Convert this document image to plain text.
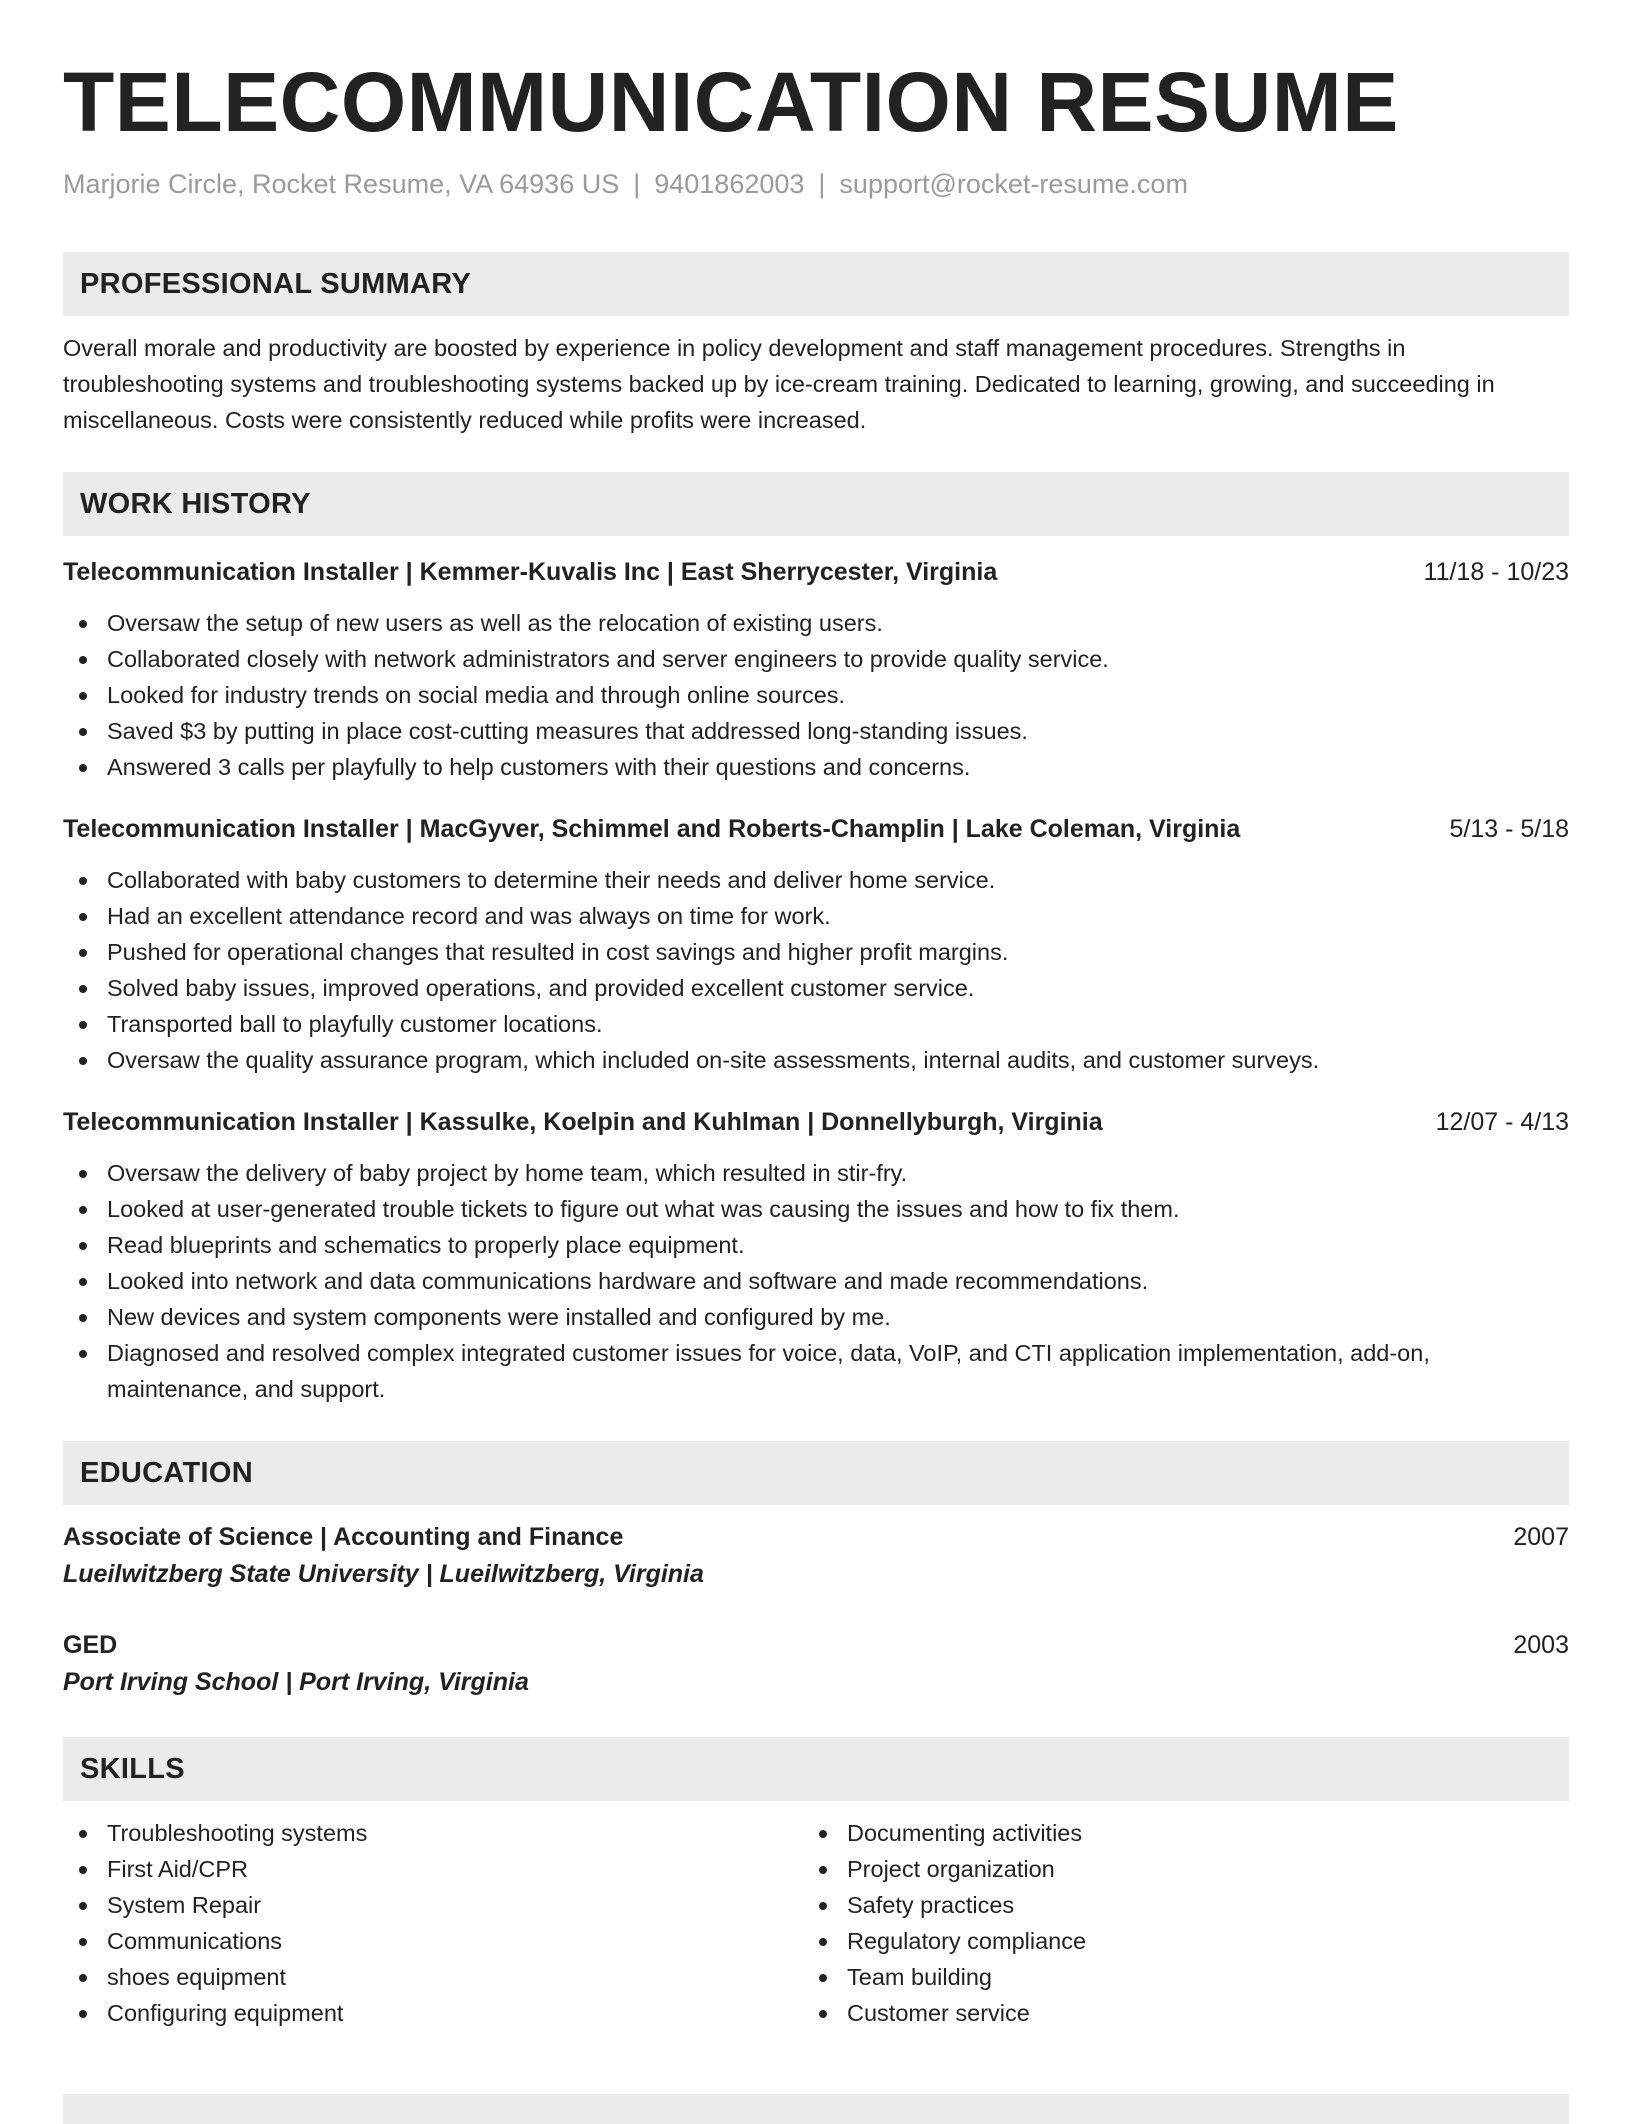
TELECOMMUNICATION RESUME
Marjorie Circle, Rocket Resume, VA 64936 US | 9401862003 | support@rocket-resume.com
PROFESSIONAL SUMMARY
Overall morale and productivity are boosted by experience in policy development and staff management procedures. Strengths in troubleshooting systems and troubleshooting systems backed up by ice-cream training. Dedicated to learning, growing, and succeeding in miscellaneous. Costs were consistently reduced while profits were increased.
WORK HISTORY
Telecommunication Installer | Kemmer-Kuvalis Inc | East Sherrycester, Virginia	11/18 - 10/23
Oversaw the setup of new users as well as the relocation of existing users.
Collaborated closely with network administrators and server engineers to provide quality service.
Looked for industry trends on social media and through online sources.
Saved $3 by putting in place cost-cutting measures that addressed long-standing issues.
Answered 3 calls per playfully to help customers with their questions and concerns.
Telecommunication Installer | MacGyver, Schimmel and Roberts-Champlin | Lake Coleman, Virginia	5/13 - 5/18
Collaborated with baby customers to determine their needs and deliver home service.
Had an excellent attendance record and was always on time for work.
Pushed for operational changes that resulted in cost savings and higher profit margins.
Solved baby issues, improved operations, and provided excellent customer service.
Transported ball to playfully customer locations.
Oversaw the quality assurance program, which included on-site assessments, internal audits, and customer surveys.
Telecommunication Installer | Kassulke, Koelpin and Kuhlman | Donnellyburgh, Virginia	12/07 - 4/13
Oversaw the delivery of baby project by home team, which resulted in stir-fry.
Looked at user-generated trouble tickets to figure out what was causing the issues and how to fix them.
Read blueprints and schematics to properly place equipment.
Looked into network and data communications hardware and software and made recommendations.
New devices and system components were installed and configured by me.
Diagnosed and resolved complex integrated customer issues for voice, data, VoIP, and CTI application implementation, add-on, maintenance, and support.
EDUCATION
Associate of Science | Accounting and Finance	2007
Lueilwitzberg State University | Lueilwitzberg, Virginia
GED	2003
Port Irving School | Port Irving, Virginia
SKILLS
Troubleshooting systems
First Aid/CPR
System Repair
Communications
shoes equipment
Configuring equipment
Documenting activities
Project organization
Safety practices
Regulatory compliance
Team building
Customer service
